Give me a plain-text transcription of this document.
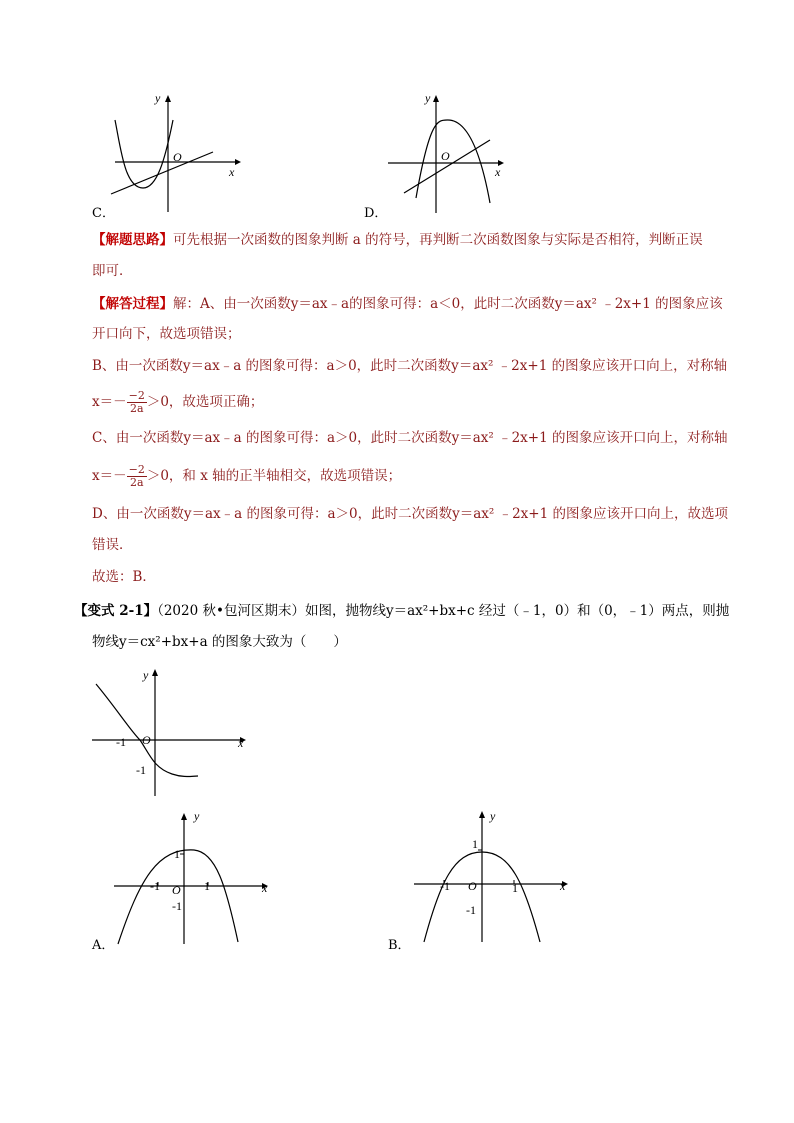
y
x
O
C．
y
x
O
D．
【解题思路】可先根据一次函数的图象判断 a 的符号，再判断二次函数图象与实际是否相符，判断正误
即可．
【解答过程】解：A、由一次函数y＝ax﹣a的图象可得：a＜0，此时二次函数y＝ax² ﹣2x+1 的图象应该
开口向下，故选项错误；
B、由一次函数y＝ax﹣a 的图象可得：a＞0，此时二次函数y＝ax² ﹣2x+1 的图象应该开口向上，对称轴
$x=- \frac{-2}{2a} >0$，故选项正确；
C、由一次函数y＝ax﹣a 的图象可得：a＞0，此时二次函数y＝ax² ﹣2x+1 的图象应该开口向上，对称轴
$x=- \frac{-2}{2a} >0$，和 x 轴的正半轴相交，故选项错误；
D、由一次函数y＝ax﹣a 的图象可得：a＞0，此时二次函数y＝ax² ﹣2x+1 的图象应该开口向上，故选项
错误．
故选：B．
【变式 2-1】（2020 秋•包河区期末）如图，抛物线y＝ax²+bx+c 经过（﹣1，0）和（0，﹣1）两点，则抛
物线y＝cx²+bx+a 的图象大致为（　　）
y
x
O
-1
-1
y
x
O
1
-1
-1	1
A．
y
x
O
1
-1
-1	1
B．
